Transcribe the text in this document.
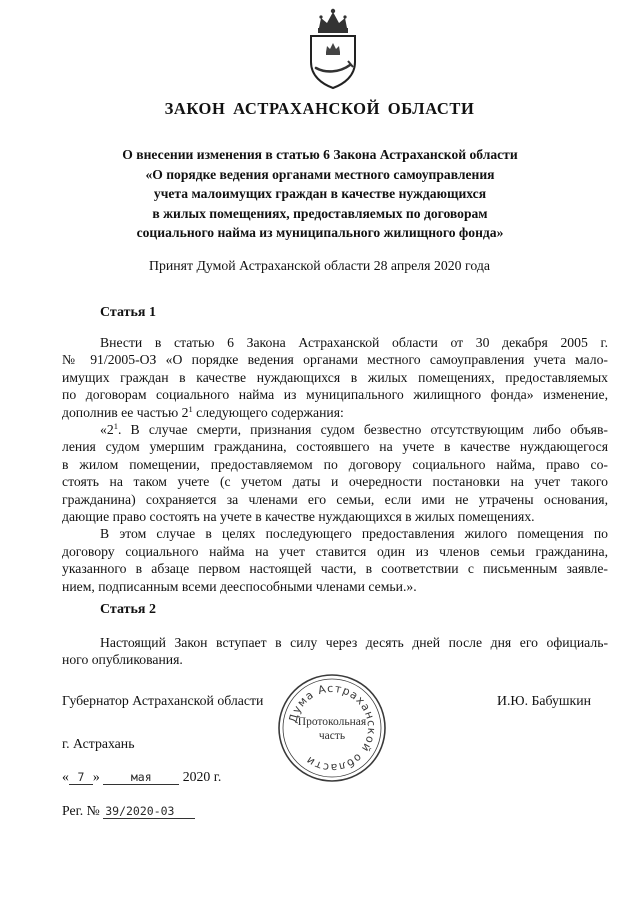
ЗАКОН АСТРАХАНСКОЙ ОБЛАСТИ
О внесении изменения в статью 6 Закона Астраханской области
«О порядке ведения органами местного самоуправления
учета малоимущих граждан в качестве нуждающихся
в жилых помещениях, предоставляемых по договорам
социального найма из муниципального жилищного фонда»
Принят Думой Астраханской области 28 апреля 2020 года
Статья 1
Внести в статью 6 Закона Астраханской области от 30 декабря 2005 г.
№ 91/2005-ОЗ «О порядке ведения органами местного самоуправления учета мало-
имущих граждан в качестве нуждающихся в жилых помещениях, предоставляемых
по договорам социального найма из муниципального жилищного фонда» изменение,
дополнив ее частью $2^1$ следующего содержания:
«$2^1$. В случае смерти, признания судом безвестно отсутствующим либо объяв-
ления судом умершим гражданина, состоявшего на учете в качестве нуждающегося
в жилом помещении, предоставляемом по договору социального найма, право со-
стоять на таком учете (с учетом даты и очередности постановки на учет такого
гражданина) сохраняется за членами его семьи, если ими не утрачены основания,
дающие право состоять на учете в качестве нуждающихся в жилых помещениях.
В этом случае в целях последующего предоставления жилого помещения по
договору социального найма на учет ставится один из членов семьи гражданина,
указанного в абзаце первом настоящей части, в соответствии с письменным заявле-
нием, подписанным всеми дееспособными членами семьи.».
Статья 2
Настоящий Закон вступает в силу через десять дней после дня его официаль-
ного опубликования.
Губернатор Астраханской области	И.Ю. Бабушкин
г. Астрахань
« 7 »	мая 2020 г.
Рег. № 39/2020-03
Дума Астраханской области
Протокольная
часть
